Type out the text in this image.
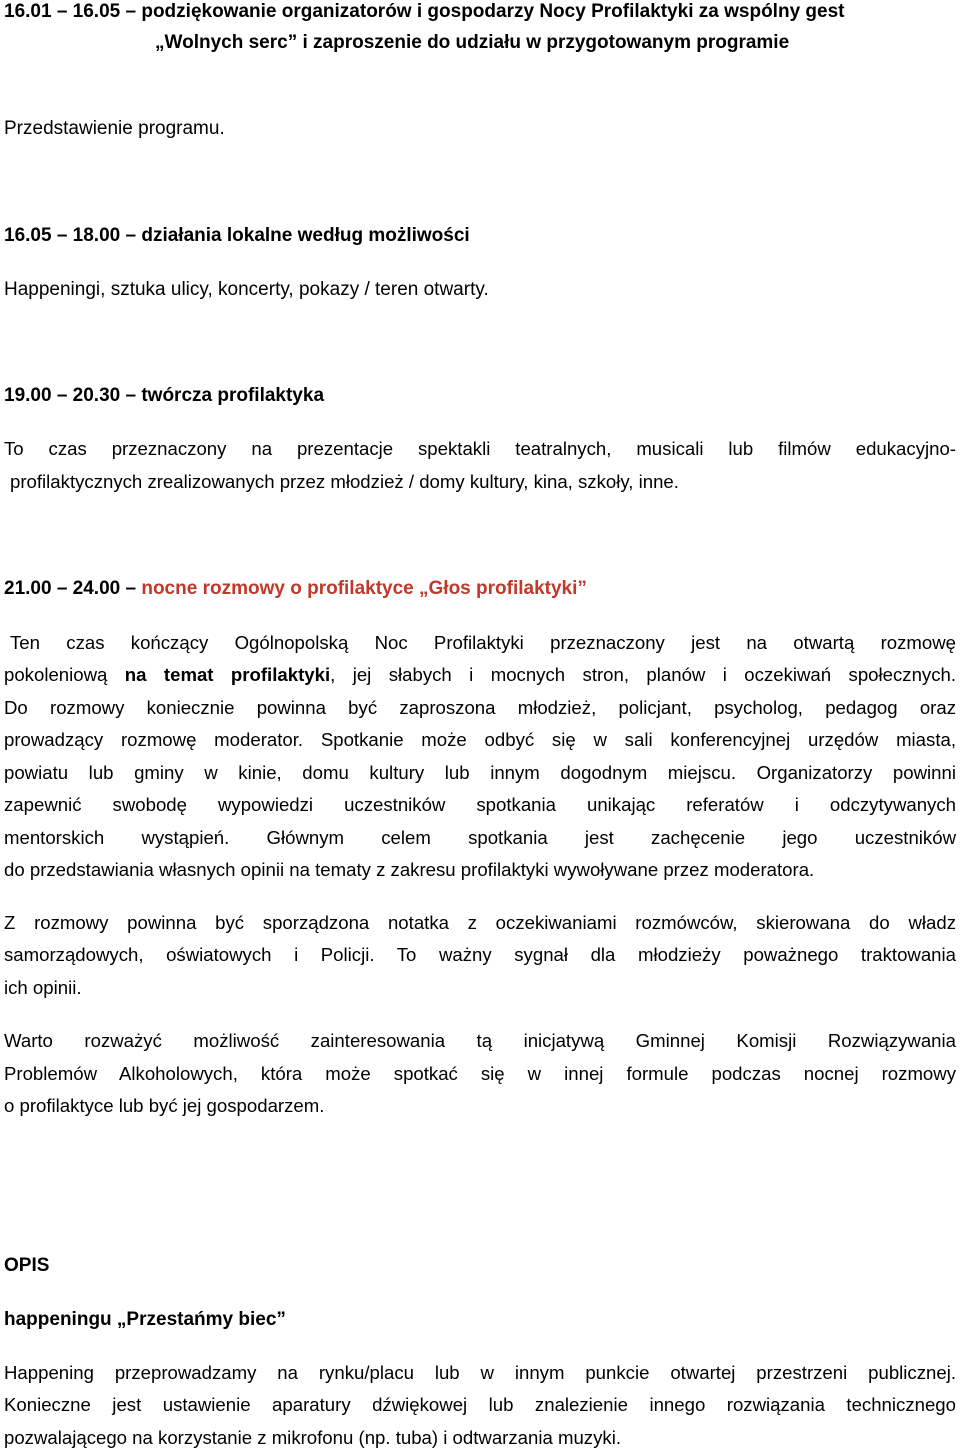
16.01 – 16.05 – podziękowanie organizatorów i gospodarzy Nocy Profilaktyki za wspólny gest
„Wolnych serc” i zaproszenie do udziału w przygotowanym programie
Przedstawienie programu.
16.05 – 18.00 – działania lokalne według możliwości
Happeningi, sztuka ulicy, koncerty, pokazy / teren otwarty.
19.00 – 20.30 – twórcza profilaktyka
To czas przeznaczony na prezentacje spektakli teatralnych, musicali lub filmów edukacyjno-
profilaktycznych zrealizowanych przez młodzież / domy kultury, kina, szkoły, inne.
21.00 – 24.00 – nocne rozmowy o profilaktyce „Głos profilaktyki”
Ten czas kończący Ogólnopolską Noc Profilaktyki przeznaczony jest na otwartą rozmowę
pokoleniową na temat profilaktyki, jej słabych i mocnych stron, planów i oczekiwań społecznych.
Do rozmowy koniecznie powinna być zaproszona młodzież, policjant, psycholog, pedagog oraz
prowadzący rozmowę moderator. Spotkanie może odbyć się w sali konferencyjnej urzędów miasta,
powiatu lub gminy w kinie, domu kultury lub innym dogodnym miejscu. Organizatorzy powinni
zapewnić swobodę wypowiedzi uczestników spotkania unikając referatów i odczytywanych
mentorskich wystąpień. Głównym celem spotkania jest zachęcenie jego uczestników
do przedstawiania własnych opinii na tematy z zakresu profilaktyki wywoływane przez moderatora.
Z rozmowy powinna być sporządzona notatka z oczekiwaniami rozmówców, skierowana do władz
samorządowych, oświatowych i Policji. To ważny sygnał dla młodzieży poważnego traktowania
ich opinii.
Warto rozważyć możliwość zainteresowania tą inicjatywą Gminnej Komisji Rozwiązywania
Problemów Alkoholowych, która może spotkać się w innej formule podczas nocnej rozmowy
o profilaktyce lub być jej gospodarzem.
OPIS
happeningu „Przestańmy biec”
Happening przeprowadzamy na rynku/placu lub w innym punkcie otwartej przestrzeni publicznej.
Konieczne jest ustawienie aparatury dźwiękowej lub znalezienie innego rozwiązania technicznego
pozwalającego na korzystanie z mikrofonu (np. tuba) i odtwarzania muzyki.
